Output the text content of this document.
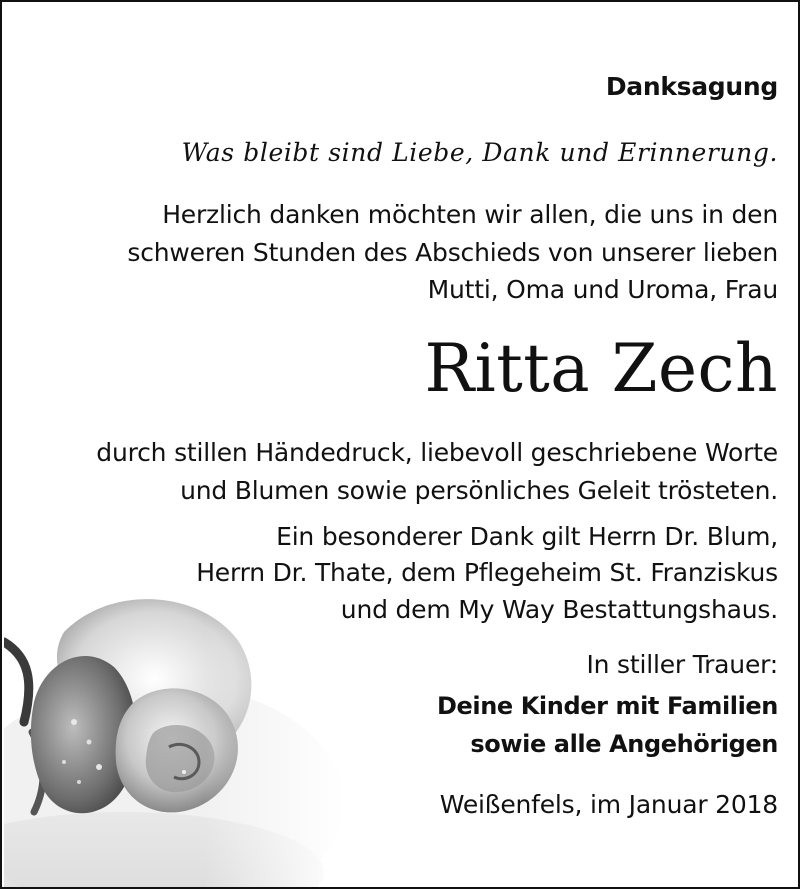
Danksagung
Was bleibt sind Liebe, Dank und Erinnerung.
Herzlich danken möchten wir allen, die uns in den
schweren Stunden des Abschieds von unserer lieben
Mutti, Oma und Uroma, Frau
Ritta Zech
durch stillen Händedruck, liebevoll geschriebene Worte
und Blumen sowie persönliches Geleit trösteten.
Ein besonderer Dank gilt Herrn Dr. Blum,
Herrn Dr. Thate, dem Pflegeheim St. Franziskus
und dem My Way Bestattungshaus.
In stiller Trauer:
Deine Kinder mit Familien
sowie alle Angehörigen
Weißenfels, im Januar 2018
